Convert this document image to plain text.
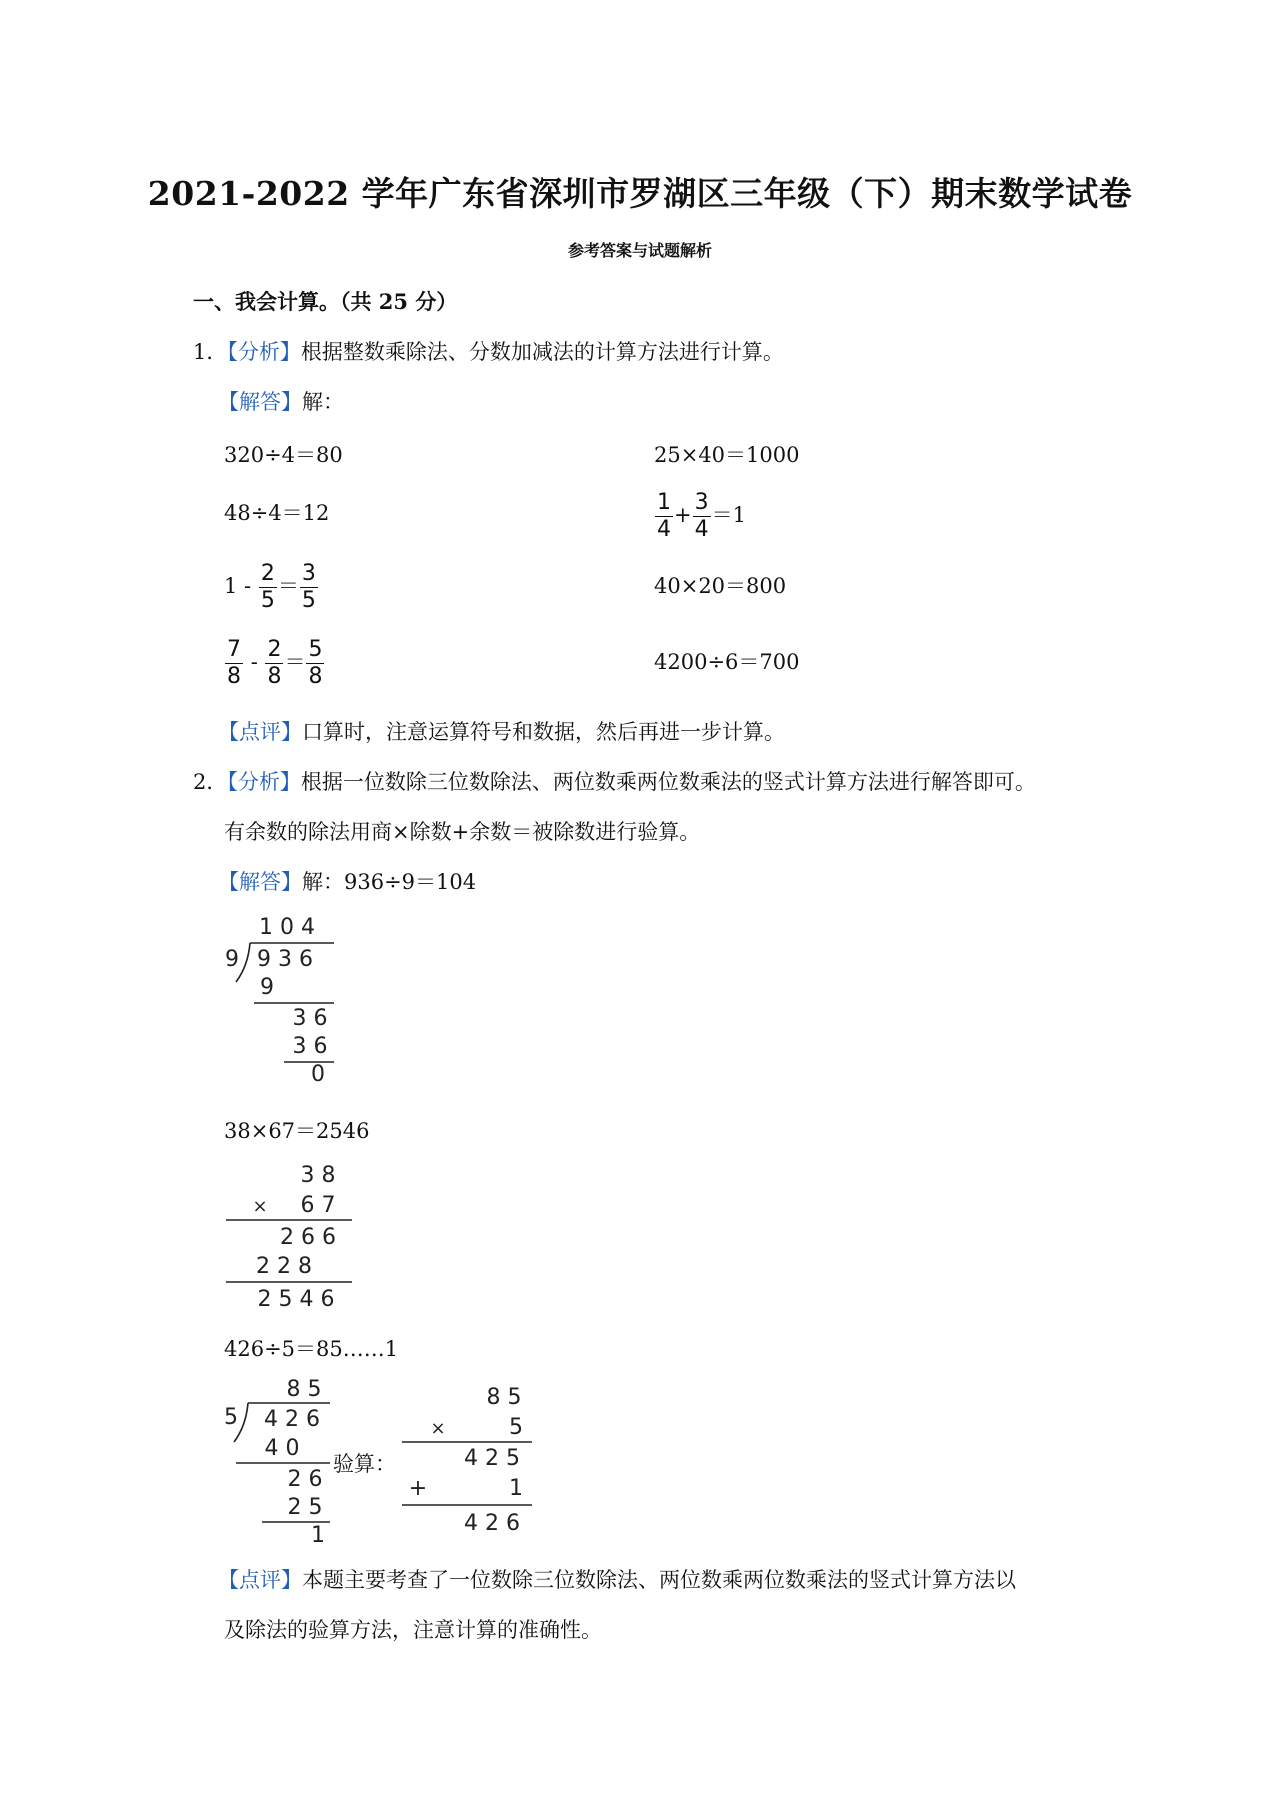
2021-2022 学年广东省深圳市罗湖区三年级（下）期末数学试卷
参考答案与试题解析
一、我会计算。（共 25 分）
1．【分析】根据整数乘除法、分数加减法的计算方法进行计算。
【解答】解：
320÷4＝80	25×40＝1000
48÷4＝12	$\frac{1}{4} + \frac{3}{4} =1$
$1 - \frac{2}{5} = \frac{3}{5}$	40×20＝800
$\frac{7}{8} - \frac{2}{8} = \frac{5}{8}$	4200÷6＝700
【点评】口算时，注意运算符号和数据，然后再进一步计算。
2．【分析】根据一位数除三位数除法、两位数乘两位数乘法的竖式计算方法进行解答即可。
有余数的除法用商×除数+余数＝被除数进行验算。
【解答】解：936÷9＝104
1 0 4
9 9 3 6
9
3 6
3 6
0
38×67＝2546
3 8
× 6 7
2 6 6
2 2 8
2 5 4 6
426÷5＝85……1
8 5
5 4 2 6
4 0
2 6
2 5
1
验算：
8 5
×	5
4 2 5
+	1
4 2 6
【点评】本题主要考查了一位数除三位数除法、两位数乘两位数乘法的竖式计算方法以
及除法的验算方法，注意计算的准确性。
